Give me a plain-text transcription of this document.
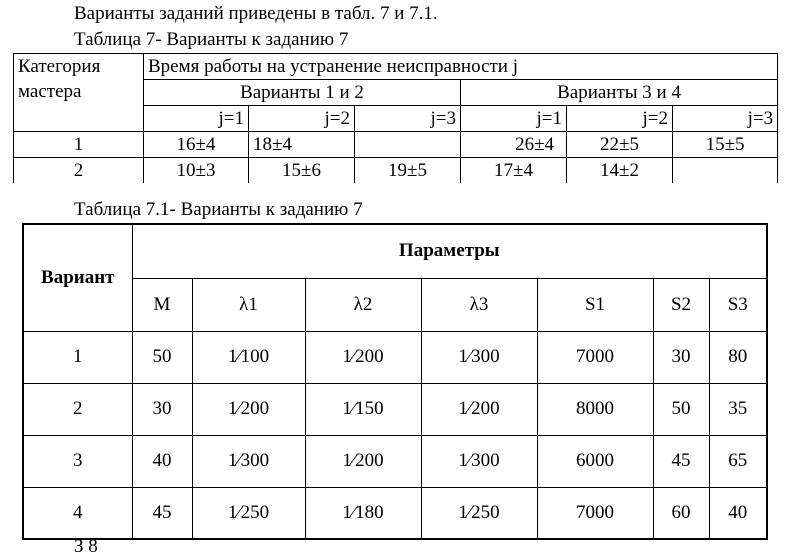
Варианты заданий приведены в табл. 7 и 7.1.
Таблица 7- Варианты к заданию 7
Категория мастера	Время работы на устранение неисправности j					
	Варианты 1 и 2			Варианты 3 и 4		
	j=1	j=2	j=3	j=1	j=2	j=3
1	16±4	18±4		26±4	22±5	15±5
2	10±3	15±6	19±5	17±4	14±2	
Таблица 7.1- Варианты к заданию 7
Вариант	Параметры						
	M	λ1	λ2	λ3	S1	S2	S3
1	50	1⁄100	1⁄200	1⁄300	7000	30	80
2	30	1⁄200	1⁄150	1⁄200	8000	50	35
3	40	1⁄300	1⁄200	1⁄300	6000	45	65
4	45	1⁄250	1⁄180	1⁄250	7000	60	40
З 8
